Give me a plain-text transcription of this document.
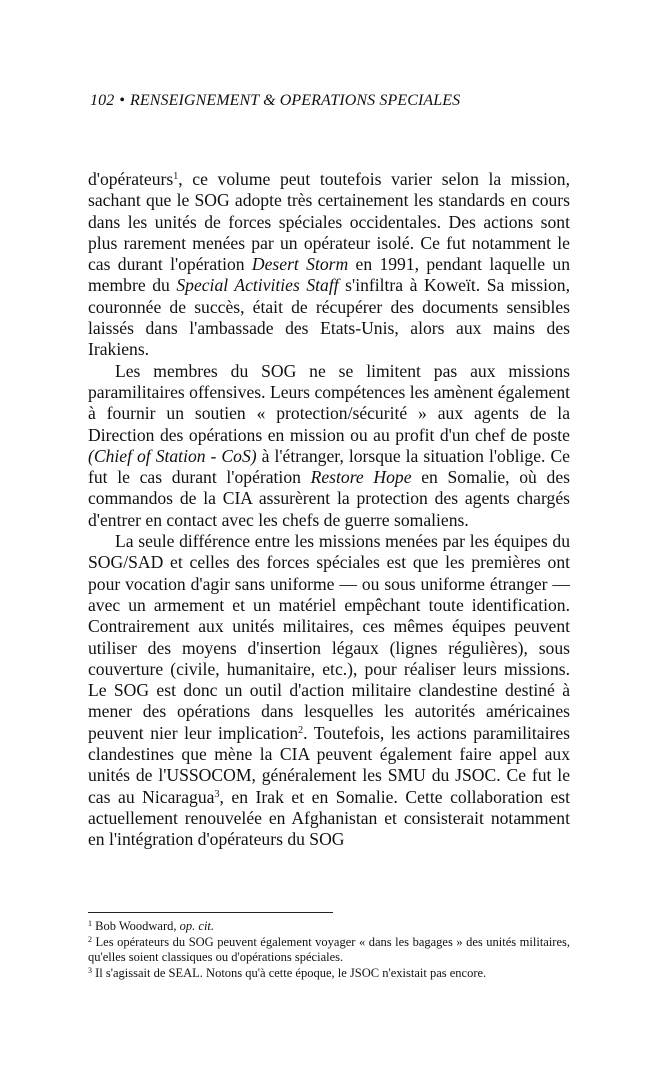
102 • RENSEIGNEMENT & OPERATIONS SPECIALES

d'opérateurs$^1$, ce volume peut toutefois varier selon la mission, sachant que le SOG adopte très certainement les standards en cours dans les unités de forces spéciales occidentales. Des actions sont plus rarement menées par un opérateur isolé. Ce fut notamment le cas durant l'opération Desert Storm en 1991, pendant laquelle un membre du Special Activities Staff s'infiltra à Koweït. Sa mission, couronnée de succès, était de récupérer des documents sensibles laissés dans l'ambassade des Etats-Unis, alors aux mains des Irakiens.

Les membres du SOG ne se limitent pas aux missions paramilitaires offensives. Leurs compétences les amènent également à fournir un soutien « protection/sécurité » aux agents de la Direction des opérations en mission ou au profit d'un chef de poste (Chief of Station - CoS) à l'étranger, lorsque la situation l'oblige. Ce fut le cas durant l'opération Restore Hope en Somalie, où des commandos de la CIA assurèrent la protection des agents chargés d'entrer en contact avec les chefs de guerre somaliens.

La seule différence entre les missions menées par les équipes du SOG/SAD et celles des forces spéciales est que les premières ont pour vocation d'agir sans uniforme — ou sous uniforme étranger — avec un armement et un matériel empêchant toute identification. Contrairement aux unités militaires, ces mêmes équipes peuvent utiliser des moyens d'insertion légaux (lignes régulières), sous couverture (civile, humanitaire, etc.), pour réaliser leurs missions. Le SOG est donc un outil d'action militaire clandestine destiné à mener des opérations dans lesquelles les autorités américaines peuvent nier leur implication$^2$. Toutefois, les actions paramilitaires clandestines que mène la CIA peuvent également faire appel aux unités de l'USSOCOM, généralement les SMU du JSOC. Ce fut le cas au Nicaragua$^3$, en Irak et en Somalie. Cette collaboration est actuellement renouvelée en Afghanistan et consisterait notamment en l'intégration d'opérateurs du SOG

$^1$ Bob Woodward, op. cit.

$^2$ Les opérateurs du SOG peuvent également voyager « dans les bagages » des unités militaires, qu'elles soient classiques ou d'opérations spéciales.

$^3$ Il s'agissait de SEAL. Notons qu'à cette époque, le JSOC n'existait pas encore.
